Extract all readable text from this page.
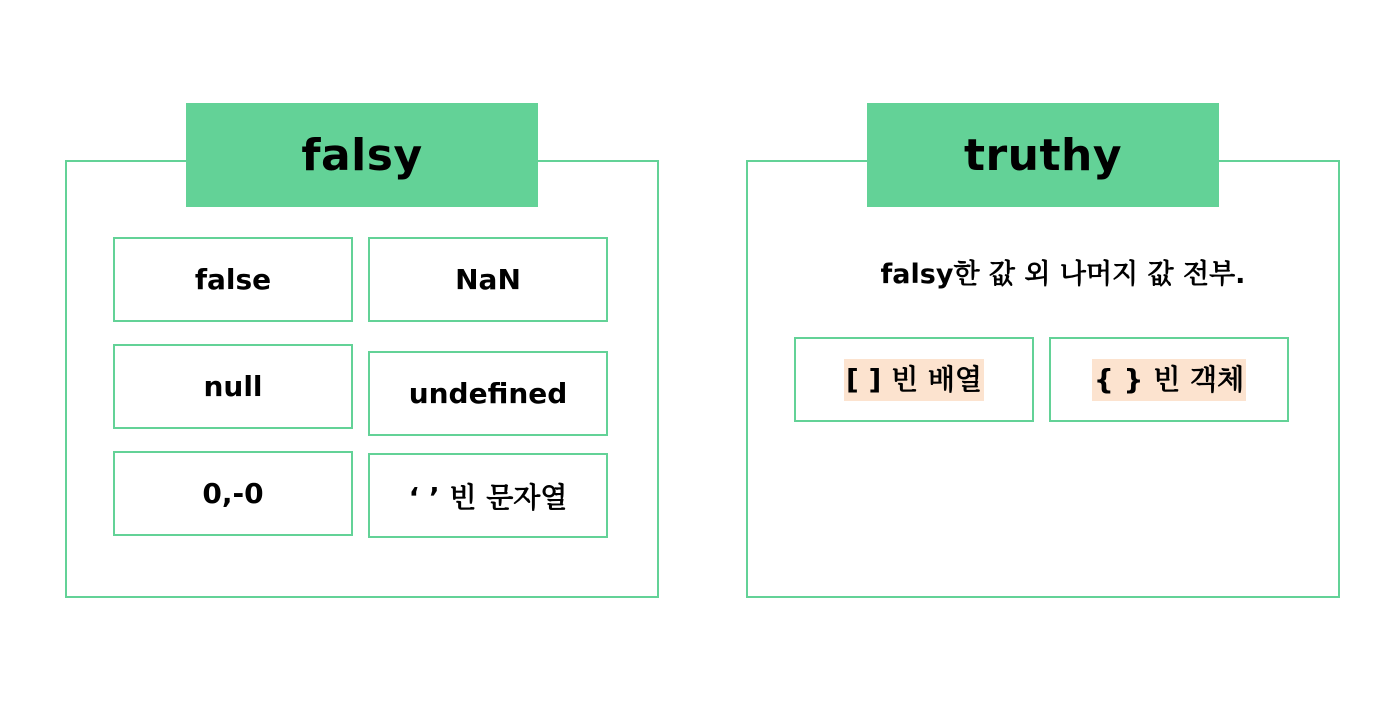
falsy
false	NaN
null	undefined
0,-0	‘ ’ 빈 문자열
truthy
falsy한 값 외 나머지 값 전부.
[ ] 빈 배열	{ } 빈 객체
